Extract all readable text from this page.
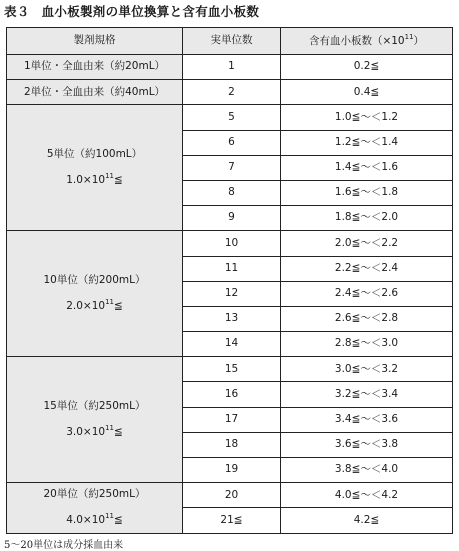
表３ 血小板製剤の単位換算と含有血小板数
製剤規格	実単位数	含有血小板数$(\times 10^{11})$

1単位・全血由来（約20mL）	1	0.2≦

2単位・全血由来（約40mL）	2	0.4≦

5単位（約100mL）
$1.0\times 10^{11}≦$	5	1.0≦～＜1.2
	6	1.2≦～＜1.4
	7	1.4≦～＜1.6
	8	1.6≦～＜1.8
	9	1.8≦～＜2.0

10単位（約200mL）
$2.0\times 10^{11}≦$	10	2.0≦～＜2.2
	11	2.2≦～＜2.4
	12	2.4≦～＜2.6
	13	2.6≦～＜2.8
	14	2.8≦～＜3.0

15単位（約250mL）
$3.0\times 10^{11}≦$	15	3.0≦～＜3.2
	16	3.2≦～＜3.4
	17	3.4≦～＜3.6
	18	3.6≦～＜3.8
	19	3.8≦～＜4.0

20単位（約250mL）
$4.0\times 10^{11}≦$	20	4.0≦～＜4.2
	21≦	4.2≦
5～20単位は成分採血由来
